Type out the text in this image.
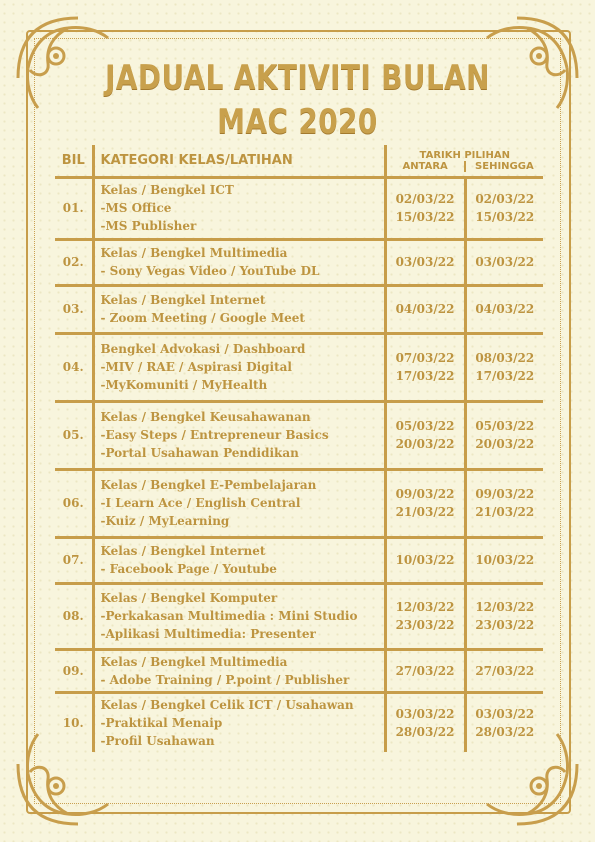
JADUAL AKTIVITI BULAN
MAC 2020
BIL	KATEGORI KELAS/LATIHAN	TARIKH PILIHAN
ANTARA SEHINGGA	

01.	Kelas / Bengkel ICT
-MS Office
-MS Publisher	02/03/22
15/03/22	02/03/22
15/03/22

02.	Kelas / Bengkel Multimedia
- Sony Vegas Video / YouTube DL	03/03/22	03/03/22

03.	Kelas / Bengkel Internet
- Zoom Meeting / Google Meet	04/03/22	04/03/22

04.	Bengkel Advokasi / Dashboard
-MIV / RAE / Aspirasi Digital
-MyKomuniti / MyHealth	07/03/22
17/03/22	08/03/22
17/03/22

05.	Kelas / Bengkel Keusahawanan
-Easy Steps / Entrepreneur Basics
-Portal Usahawan Pendidikan	05/03/22
20/03/22	05/03/22
20/03/22

06.	Kelas / Bengkel E-Pembelajaran
-I Learn Ace / English Central
-Kuiz / MyLearning	09/03/22
21/03/22	09/03/22
21/03/22

07.	Kelas / Bengkel Internet
- Facebook Page / Youtube	10/03/22	10/03/22

08.	Kelas / Bengkel Komputer
-Perkakasan Multimedia : Mini Studio
-Aplikasi Multimedia: Presenter	12/03/22
23/03/22	12/03/22
23/03/22

09.	Kelas / Bengkel Multimedia
- Adobe Training / P.point / Publisher	27/03/22	27/03/22

10.	Kelas / Bengkel Celik ICT / Usahawan
-Praktikal Menaip
-Profil Usahawan	03/03/22
28/03/22	03/03/22
28/03/22
